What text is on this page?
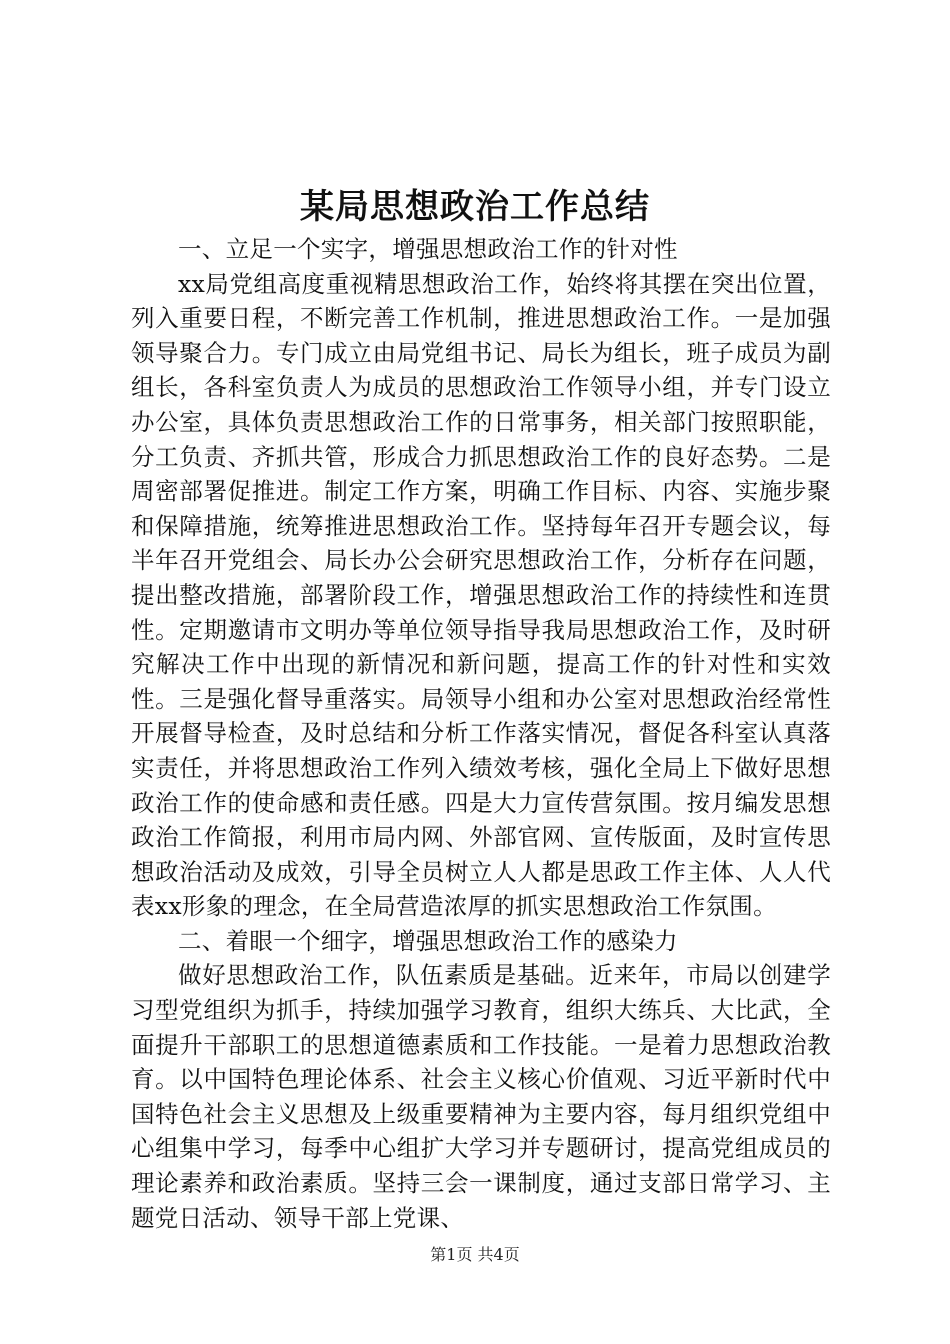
某局思想政治工作总结

一、立足一个实字，增强思想政治工作的针对性

xx局党组高度重视精思想政治工作，始终将其摆在突出位置，列入重要日程，不断完善工作机制，推进思想政治工作。一是加强领导聚合力。专门成立由局党组书记、局长为组长，班子成员为副组长，各科室负责人为成员的思想政治工作领导小组，并专门设立办公室，具体负责思想政治工作的日常事务，相关部门按照职能，分工负责、齐抓共管，形成合力抓思想政治工作的良好态势。二是周密部署促推进。制定工作方案，明确工作目标、内容、实施步聚和保障措施，统筹推进思想政治工作。坚持每年召开专题会议，每半年召开党组会、局长办公会研究思想政治工作，分析存在问题，提出整改措施，部署阶段工作，增强思想政治工作的持续性和连贯性。定期邀请市文明办等单位领导指导我局思想政治工作，及时研究解决工作中出现的新情况和新问题，提高工作的针对性和实效性。三是强化督导重落实。局领导小组和办公室对思想政治经常性开展督导检查，及时总结和分析工作落实情况，督促各科室认真落实责任，并将思想政治工作列入绩效考核，强化全局上下做好思想政治工作的使命感和责任感。四是大力宣传营氛围。按月编发思想政治工作简报，利用市局内网、外部官网、宣传版面，及时宣传思想政治活动及成效，引导全员树立人人都是思政工作主体、人人代表xx形象的理念，在全局营造浓厚的抓实思想政治工作氛围。

二、着眼一个细字，增强思想政治工作的感染力

做好思想政治工作，队伍素质是基础。近来年，市局以创建学习型党组织为抓手，持续加强学习教育，组织大练兵、大比武，全面提升干部职工的思想道德素质和工作技能。一是着力思想政治教育。以中国特色理论体系、社会主义核心价值观、习近平新时代中国特色社会主义思想及上级重要精神为主要内容，每月组织党组中心组集中学习，每季中心组扩大学习并专题研讨，提高党组成员的理论素养和政治素质。坚持三会一课制度，通过支部日常学习、主题党日活动、领导干部上党课、

第1页 共4页
